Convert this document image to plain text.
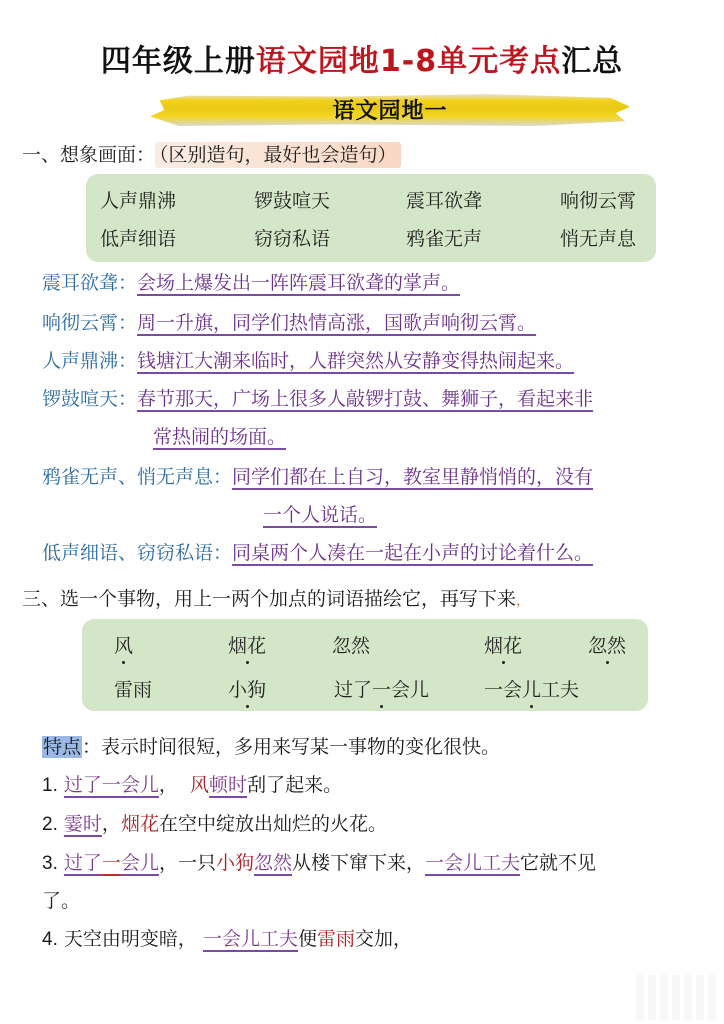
四年级上册语文园地1-8单元考点汇总
语文园地一
一、想象画面： （区别造句，最好也会造句）
人声鼎沸	锣鼓喧天	震耳欲聋	响彻云霄
低声细语	窃窃私语	鸦雀无声	悄无声息
震耳欲聋：会场上爆发出一阵阵震耳欲聋的掌声。
响彻云霄：周一升旗，同学们热情高涨，国歌声响彻云霄。
人声鼎沸：钱塘江大潮来临时，人群突然从安静变得热闹起来。
锣鼓喧天：春节那天，广场上很多人敲锣打鼓、舞狮子，看起来非
常热闹的场面。
鸦雀无声、悄无声息：同学们都在上自习，教室里静悄悄的，没有
一个人说话。
低声细语、窃窃私语：同桌两个人凑在一起在小声的讨论着什么。
三、选一个事物，用上一两个加点的词语描绘它，再写下来，
风	烟花	忽然	烟花	忽然
雷雨	小狗	过了一会儿	一会儿工夫
特点：表示时间很短，多用来写某一事物的变化很快。
1. 过了一会儿， 风顿时刮了起来。
2. 霎时，烟花在空中绽放出灿烂的火花。
3. 过了一会儿，一只小狗忽然从楼下窜下来，一会儿工夫它就不见
了。
4. 天空由明变暗， 一会儿工夫便雷雨交加，
